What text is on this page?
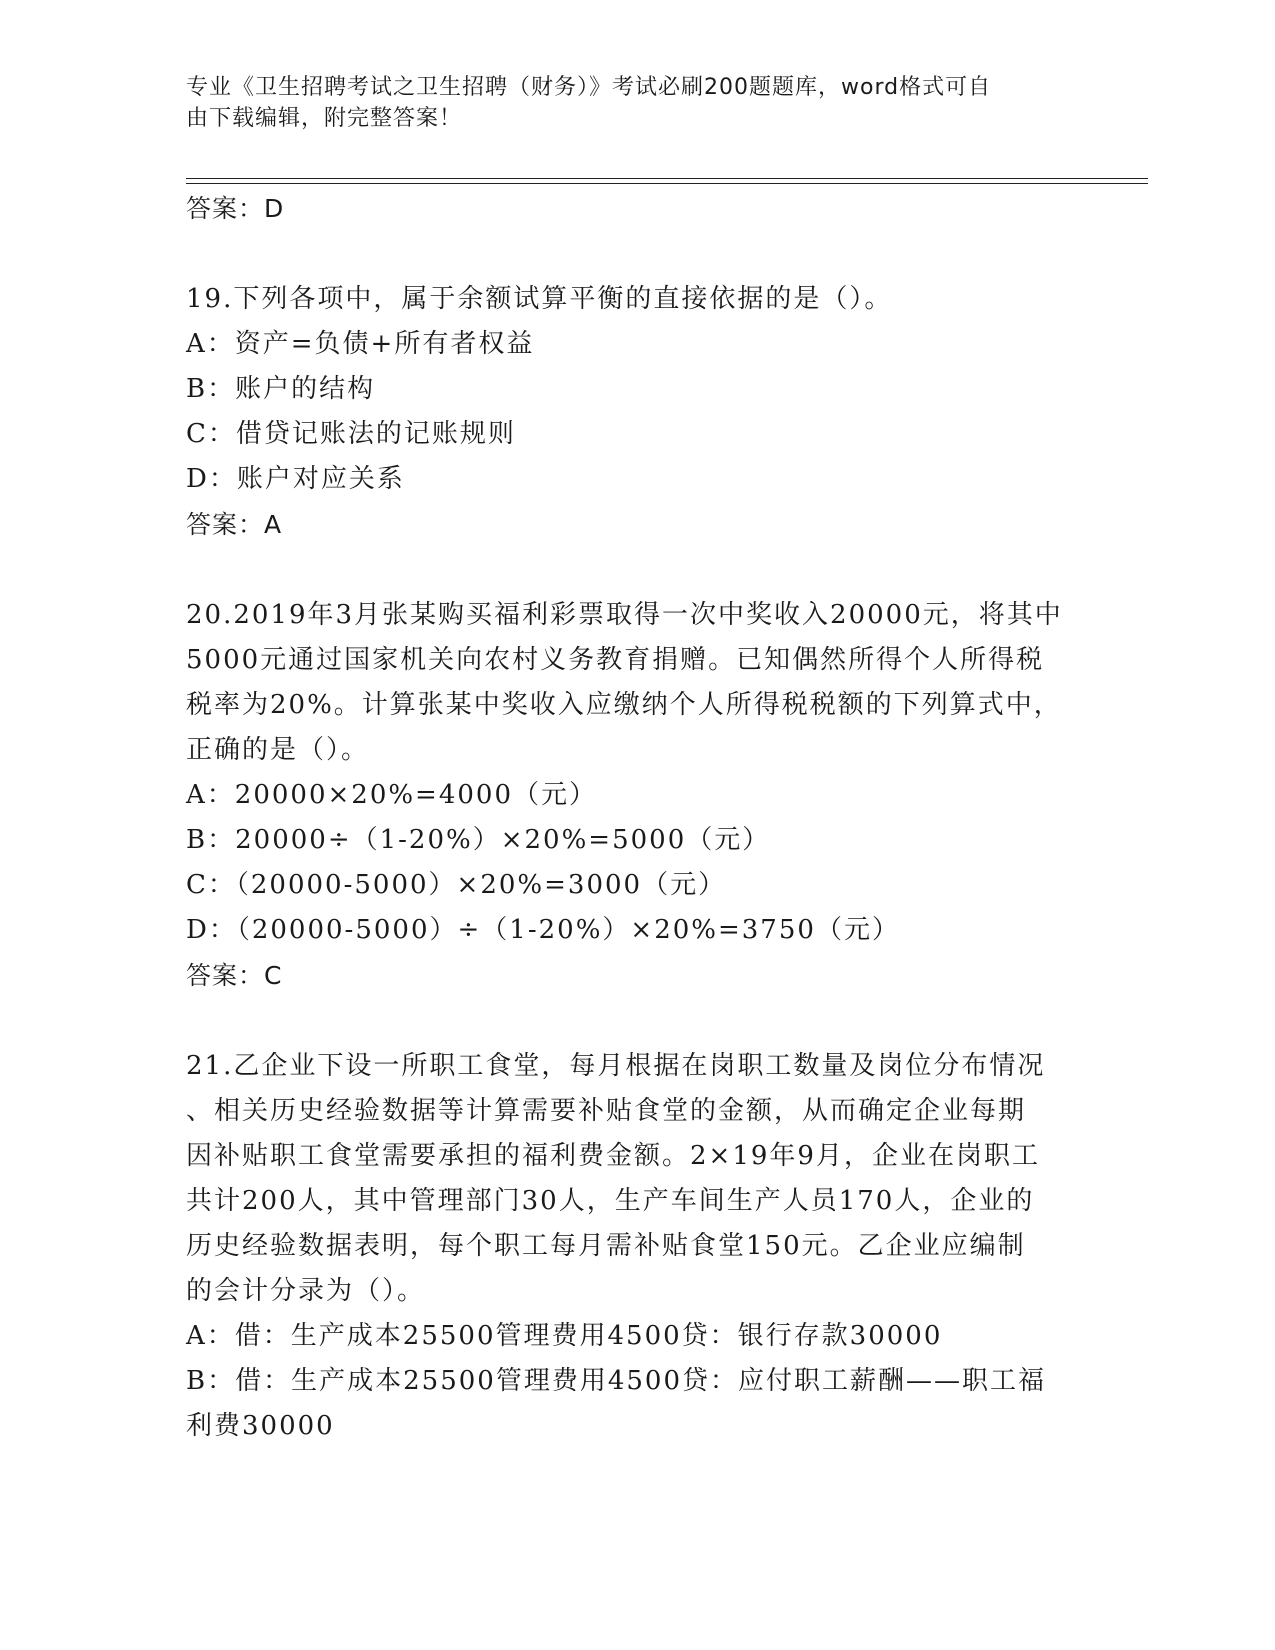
专业《卫生招聘考试之卫生招聘（财务）》考试必刷200题题库，word格式可自
由下载编辑，附完整答案！
答案：D
19.下列各项中，属于余额试算平衡的直接依据的是（）。
A：资产=负债+所有者权益
B：账户的结构
C：借贷记账法的记账规则
D：账户对应关系
答案：A
20.2019年3月张某购买福利彩票取得一次中奖收入20000元，将其中
5000元通过国家机关向农村义务教育捐赠。已知偶然所得个人所得税
税率为20%。计算张某中奖收入应缴纳个人所得税税额的下列算式中，
正确的是（）。
A：20000×20%=4000（元）
B：20000÷（1-20%）×20%=5000（元）
C：（20000-5000）×20%=3000（元）
D：（20000-5000）÷（1-20%）×20%=3750（元）
答案：C
21.乙企业下设一所职工食堂，每月根据在岗职工数量及岗位分布情况
、相关历史经验数据等计算需要补贴食堂的金额，从而确定企业每期
因补贴职工食堂需要承担的福利费金额。2×19年9月，企业在岗职工
共计200人，其中管理部门30人，生产车间生产人员170人，企业的
历史经验数据表明，每个职工每月需补贴食堂150元。乙企业应编制
的会计分录为（）。
A：借：生产成本25500管理费用4500贷：银行存款30000
B：借：生产成本25500管理费用4500贷：应付职工薪酬——职工福
利费30000
